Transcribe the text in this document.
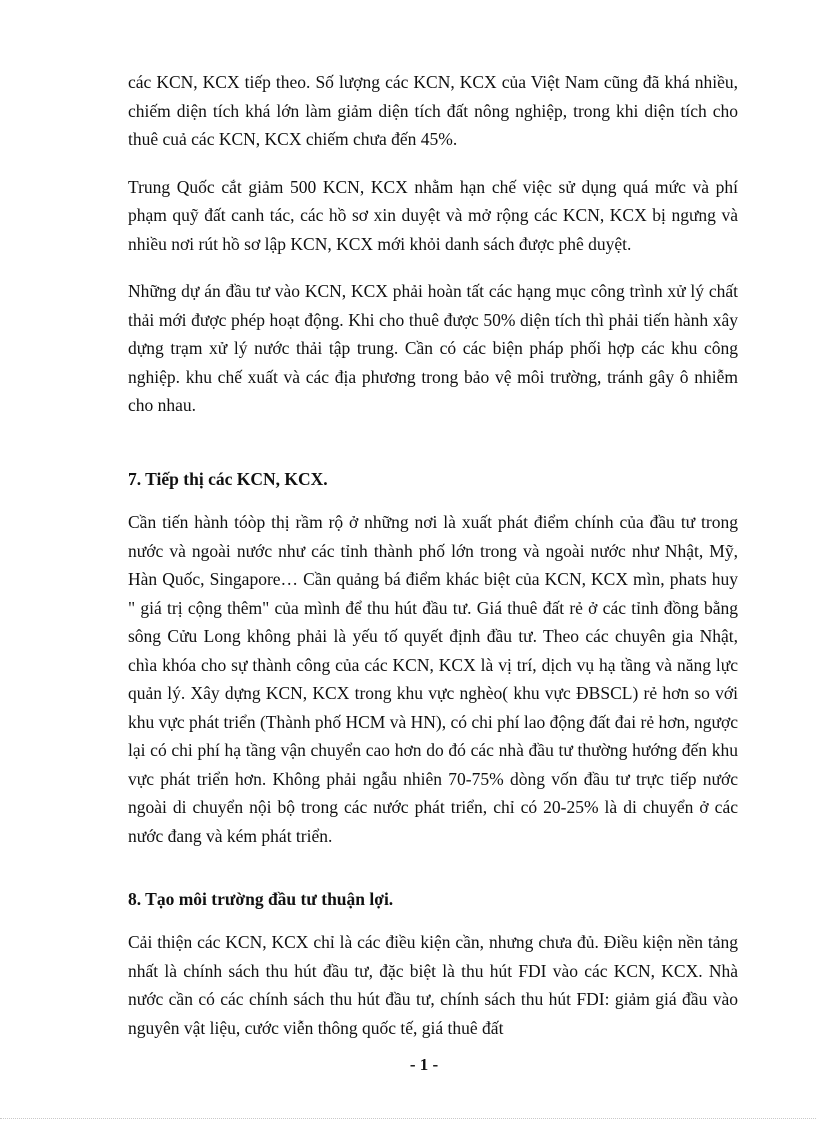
các KCN, KCX tiếp theo. Số lượng các KCN, KCX của Việt Nam cũng đã khá nhiều, chiếm diện tích khá lớn làm giảm diện tích đất nông nghiệp, trong khi diện tích cho thuê cuả các KCN, KCX chiếm chưa đến 45%.

Trung Quốc cắt giảm 500 KCN, KCX nhằm hạn chế việc sử dụng quá mức và phí phạm quỹ đất canh tác, các hồ sơ xin duyệt và mở rộng các KCN, KCX bị ngưng và nhiều nơi rút hồ sơ lập KCN, KCX mới khỏi danh sách được phê duyệt.

Những dự án đầu tư vào KCN, KCX phải hoàn tất các hạng mục công trình xử lý chất thải mới được phép hoạt động. Khi cho thuê được 50% diện tích thì phải tiến hành xây dựng trạm xử lý nước thải tập trung. Cần có các biện pháp phối hợp các khu công nghiệp. khu chế xuất và các địa phương trong bảo vệ môi trường, tránh gây ô nhiễm cho nhau.

7. Tiếp thị các KCN, KCX.

Cần tiến hành tóòp thị rầm rộ ở những nơi là xuất phát điểm chính của đầu tư trong nước và ngoài nước như các tỉnh thành phố lớn trong và ngoài nước như Nhật, Mỹ, Hàn Quốc, Singapore… Cần quảng bá điểm khác biệt của KCN, KCX mìn, phats huy " giá trị cộng thêm" của mình để thu hút đầu tư. Giá thuê đất rẻ ở các tỉnh đồng bằng sông Cửu Long không phải là yếu tố quyết định đầu tư. Theo các chuyên gia Nhật, chìa khóa cho sự thành công của các KCN, KCX là vị trí, dịch vụ hạ tầng và năng lực quản lý. Xây dựng KCN, KCX trong khu vực nghèo( khu vực ĐBSCL) rẻ hơn so với khu vực phát triển (Thành phố HCM và HN), có chi phí lao động đất đai rẻ hơn, ngược lại có chi phí hạ tầng vận chuyển cao hơn do đó các nhà đầu tư thường hướng đến khu vực phát triển hơn. Không phải ngẫu nhiên 70-75% dòng vốn đầu tư trực tiếp nước ngoài di chuyển nội bộ trong các nước phát triển, chỉ có 20-25% là di chuyển ở các nước đang và kém phát triển.

8. Tạo môi trường đầu tư thuận lợi.

Cải thiện các KCN, KCX chỉ là các điều kiện cần, nhưng chưa đủ. Điều kiện nền tảng nhất là chính sách thu hút đầu tư, đặc biệt là thu hút FDI vào các KCN, KCX. Nhà nước cần có các chính sách thu hút đầu tư, chính sách thu hút FDI: giảm giá đầu vào nguyên vật liệu, cước viễn thông quốc tế, giá thuê đất

- 1 -
